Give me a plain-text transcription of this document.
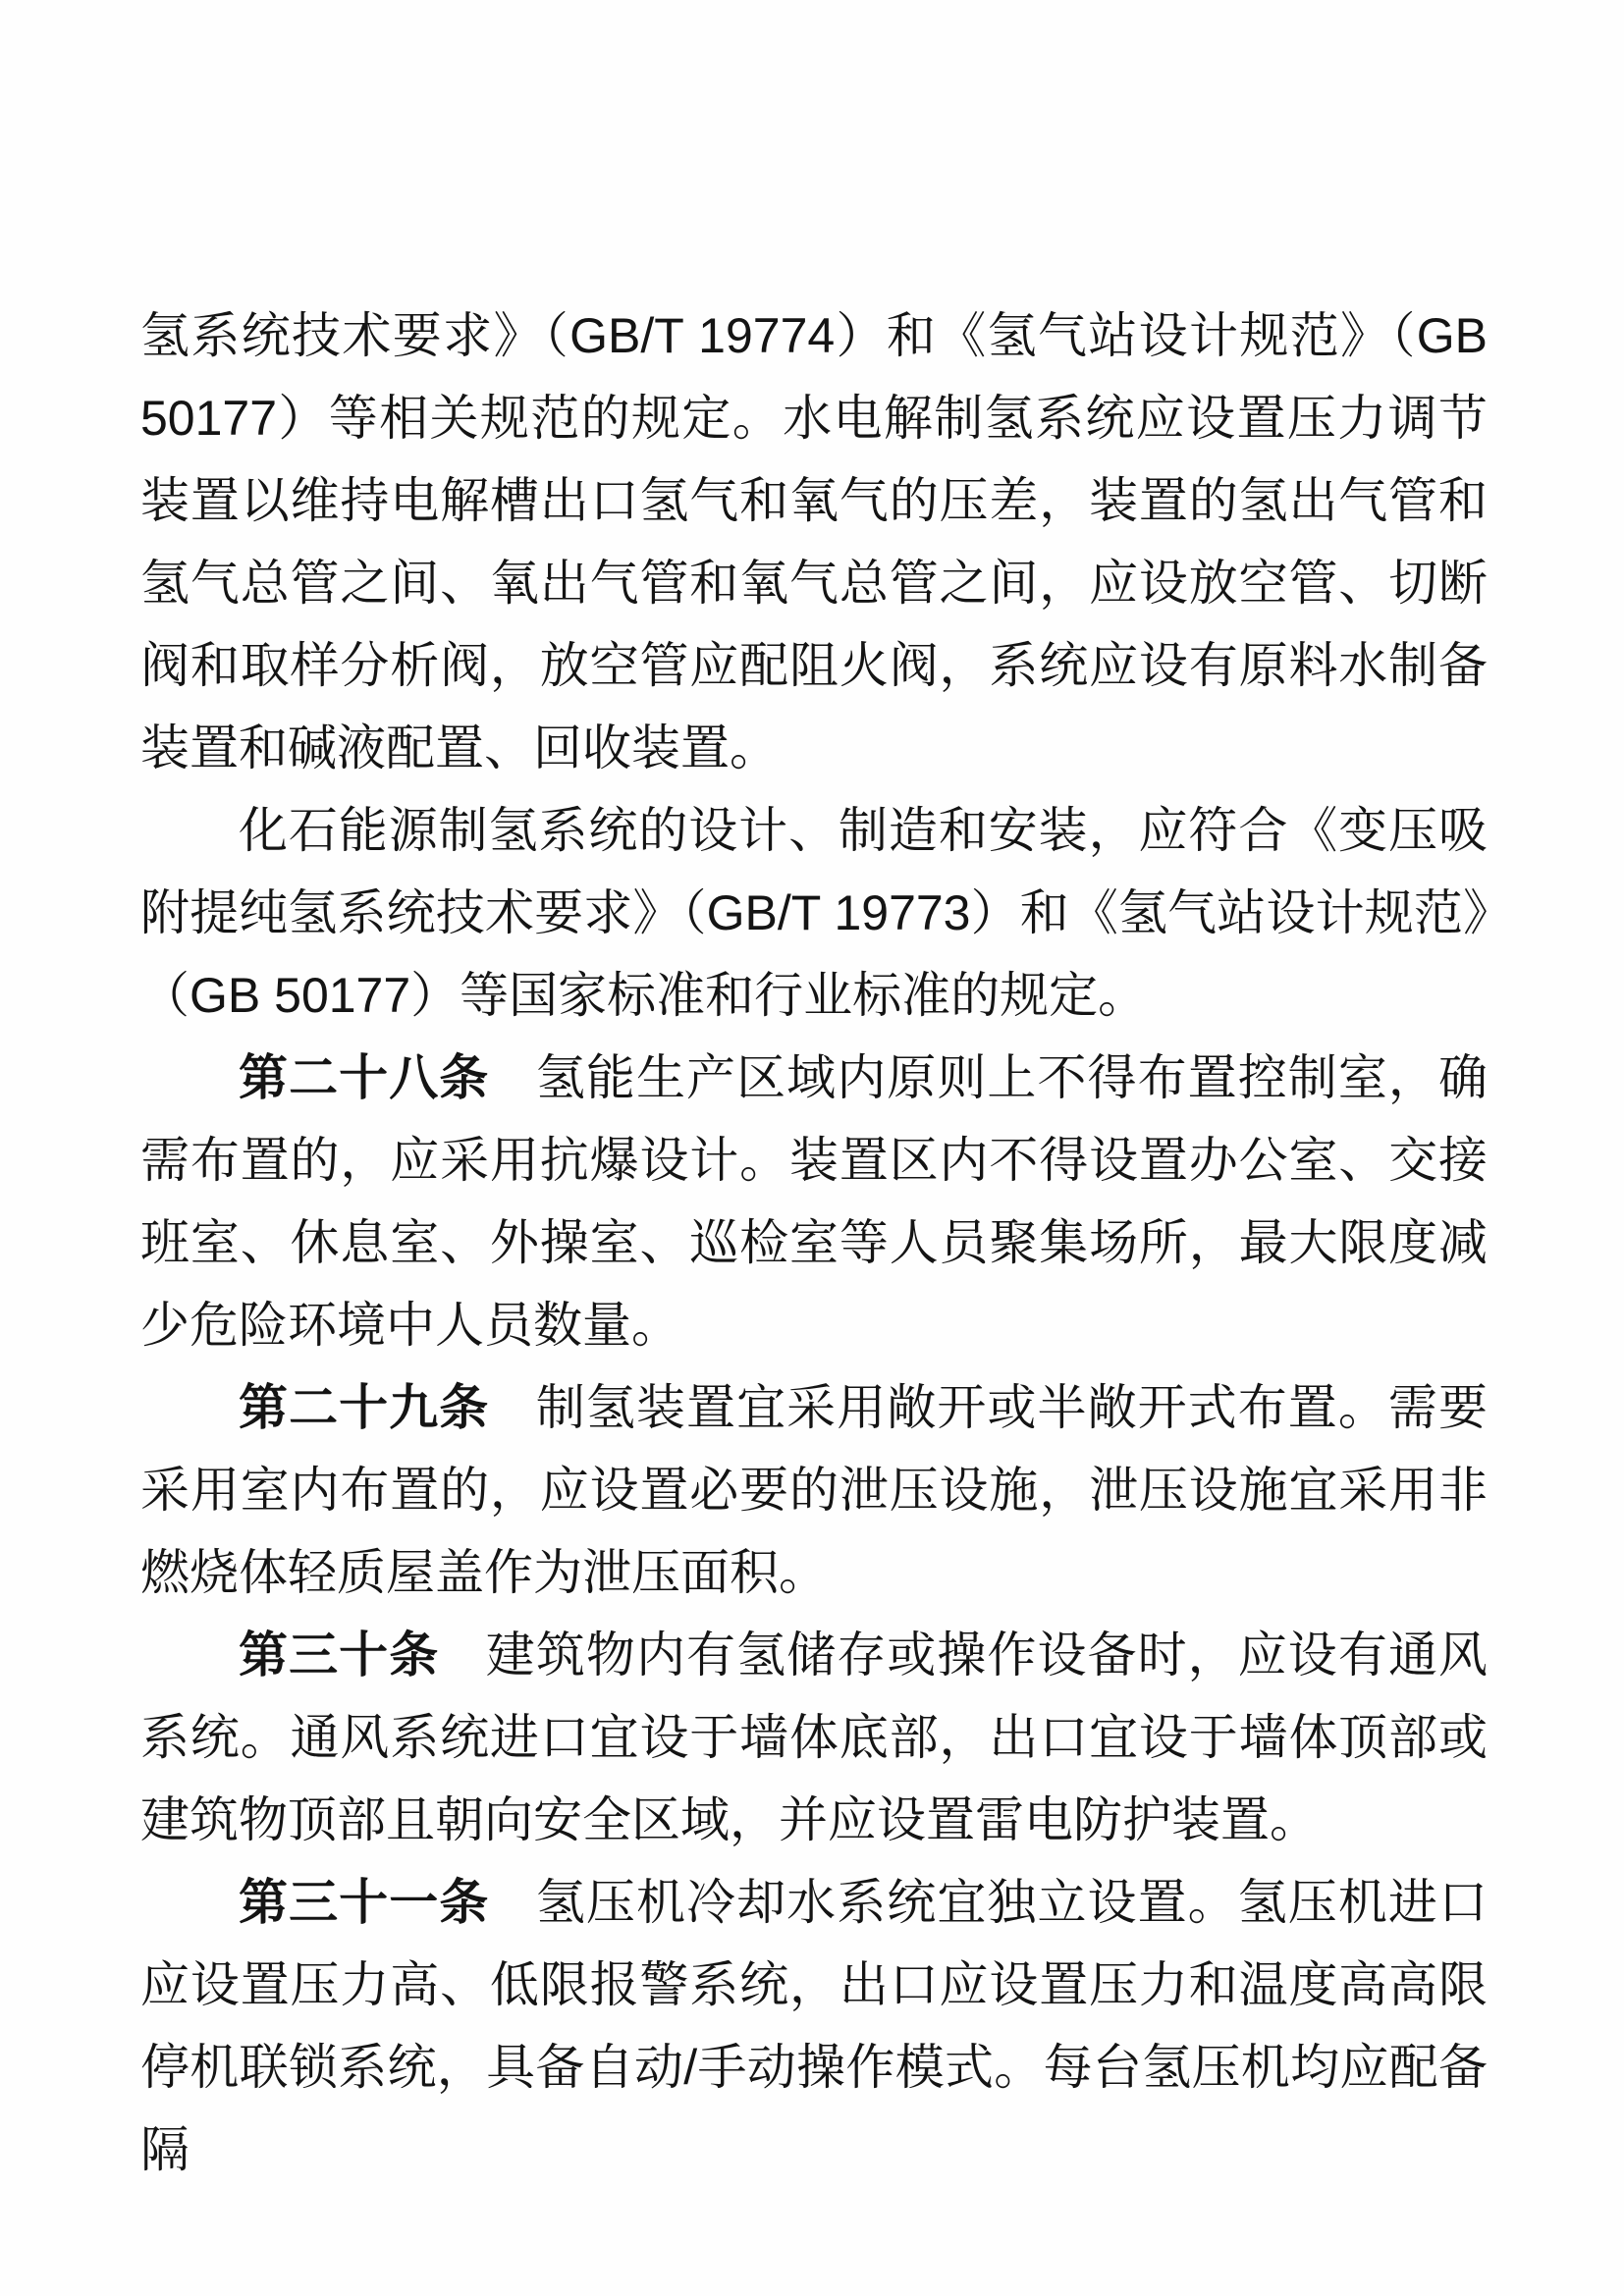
氢系统技术要求》（GB/T 19774）和《氢气站设计规范》（GB 50177）等相关规范的规定。水电解制氢系统应设置压力调节装置以维持电解槽出口氢气和氧气的压差，装置的氢出气管和氢气总管之间、氧出气管和氧气总管之间，应设放空管、切断阀和取样分析阀，放空管应配阻火阀，系统应设有原料水制备装置和碱液配置、回收装置。

化石能源制氢系统的设计、制造和安装，应符合《变压吸附提纯氢系统技术要求》（GB/T 19773）和《氢气站设计规范》（GB 50177）等国家标准和行业标准的规定。

第二十八条 氢能生产区域内原则上不得布置控制室，确需布置的，应采用抗爆设计。装置区内不得设置办公室、交接班室、休息室、外操室、巡检室等人员聚集场所，最大限度减少危险环境中人员数量。

第二十九条 制氢装置宜采用敞开或半敞开式布置。需要采用室内布置的，应设置必要的泄压设施，泄压设施宜采用非燃烧体轻质屋盖作为泄压面积。

第三十条 建筑物内有氢储存或操作设备时，应设有通风系统。通风系统进口宜设于墙体底部，出口宜设于墙体顶部或建筑物顶部且朝向安全区域，并应设置雷电防护装置。

第三十一条 氢压机冷却水系统宜独立设置。氢压机进口应设置压力高、低限报警系统，出口应设置压力和温度高高限停机联锁系统，具备自动/手动操作模式。每台氢压机均应配备隔
